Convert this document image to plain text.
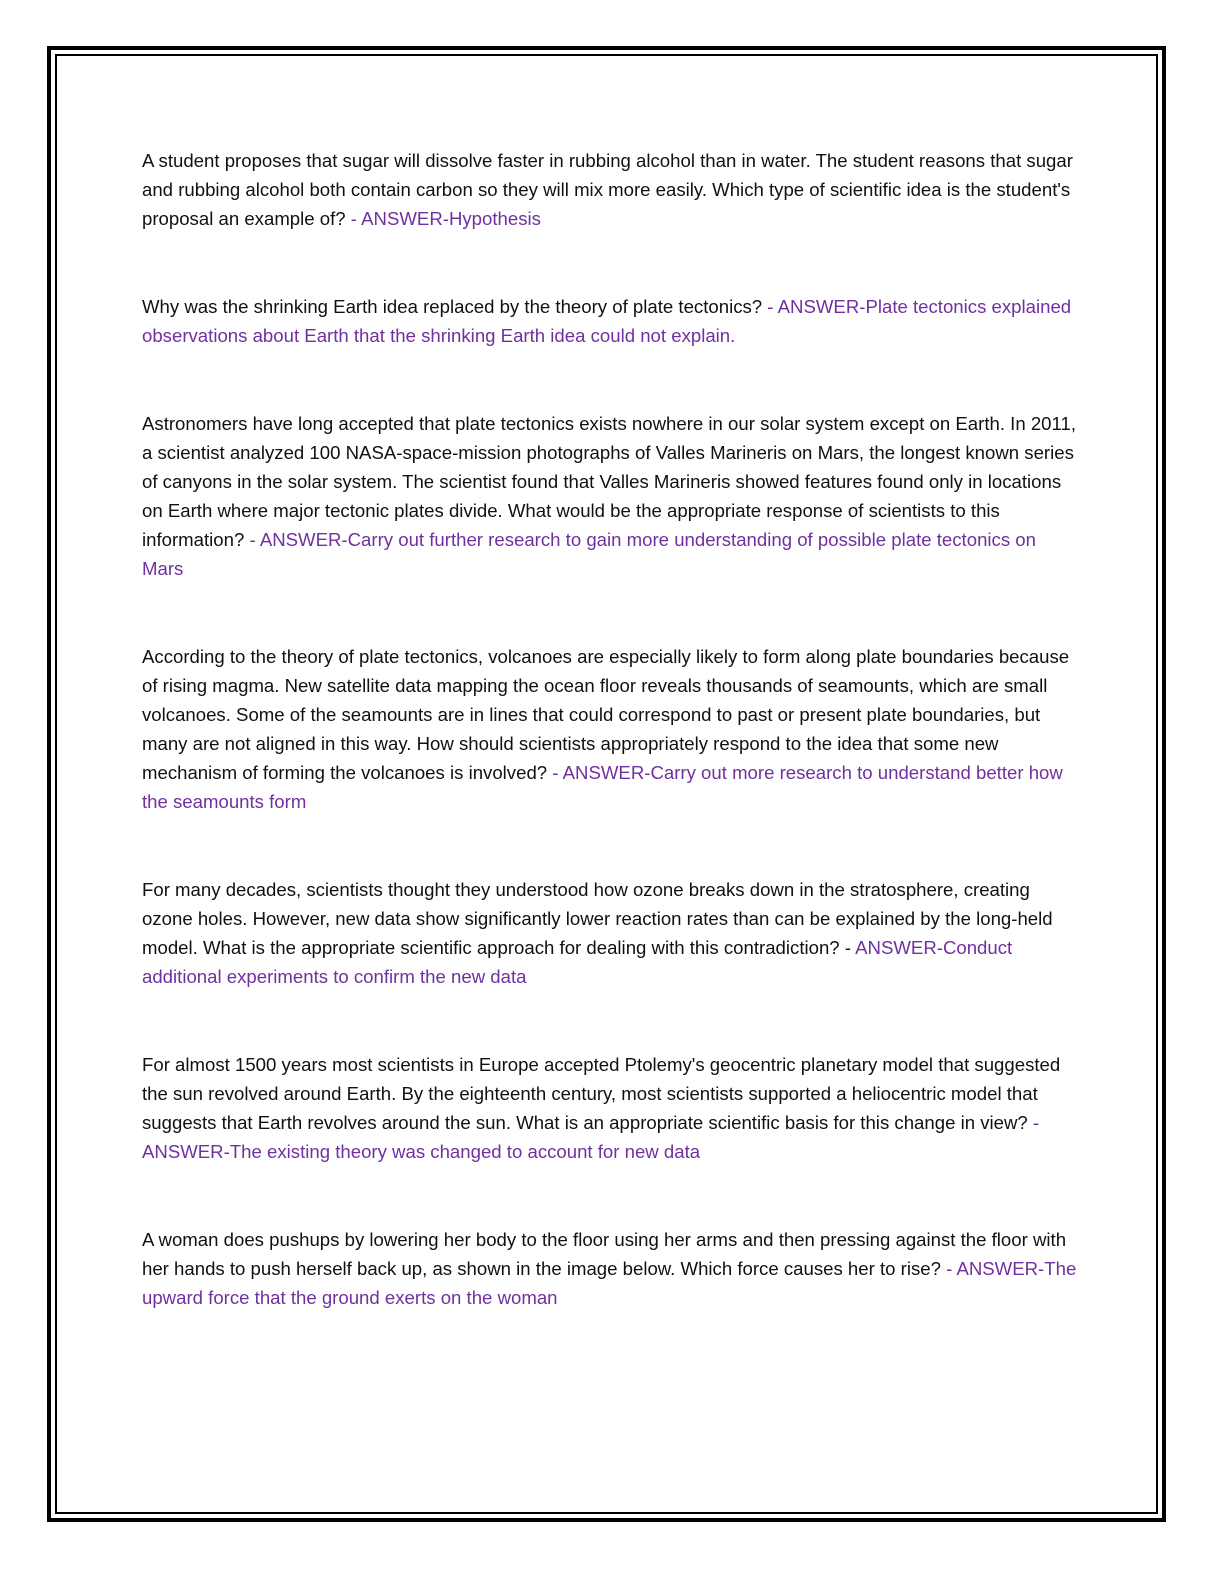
A student proposes that sugar will dissolve faster in rubbing alcohol than in water. The student reasons that sugar and rubbing alcohol both contain carbon so they will mix more easily. Which type of scientific idea is the student's proposal an example of? - ANSWER-Hypothesis

Why was the shrinking Earth idea replaced by the theory of plate tectonics? - ANSWER-Plate tectonics explained observations about Earth that the shrinking Earth idea could not explain.

Astronomers have long accepted that plate tectonics exists nowhere in our solar system except on Earth. In 2011, a scientist analyzed 100 NASA-space-mission photographs of Valles Marineris on Mars, the longest known series of canyons in the solar system. The scientist found that Valles Marineris showed features found only in locations on Earth where major tectonic plates divide. What would be the appropriate response of scientists to this information? - ANSWER-Carry out further research to gain more understanding of possible plate tectonics on Mars

According to the theory of plate tectonics, volcanoes are especially likely to form along plate boundaries because of rising magma. New satellite data mapping the ocean floor reveals thousands of seamounts, which are small volcanoes. Some of the seamounts are in lines that could correspond to past or present plate boundaries, but many are not aligned in this way. How should scientists appropriately respond to the idea that some new mechanism of forming the volcanoes is involved? - ANSWER-Carry out more research to understand better how the seamounts form

For many decades, scientists thought they understood how ozone breaks down in the stratosphere, creating ozone holes. However, new data show significantly lower reaction rates than can be explained by the long-held model. What is the appropriate scientific approach for dealing with this contradiction? - ANSWER-Conduct additional experiments to confirm the new data

For almost 1500 years most scientists in Europe accepted Ptolemy's geocentric planetary model that suggested the sun revolved around Earth. By the eighteenth century, most scientists supported a heliocentric model that suggests that Earth revolves around the sun. What is an appropriate scientific basis for this change in view? - ANSWER-The existing theory was changed to account for new data

A woman does pushups by lowering her body to the floor using her arms and then pressing against the floor with her hands to push herself back up, as shown in the image below. Which force causes her to rise? - ANSWER-The upward force that the ground exerts on the woman
